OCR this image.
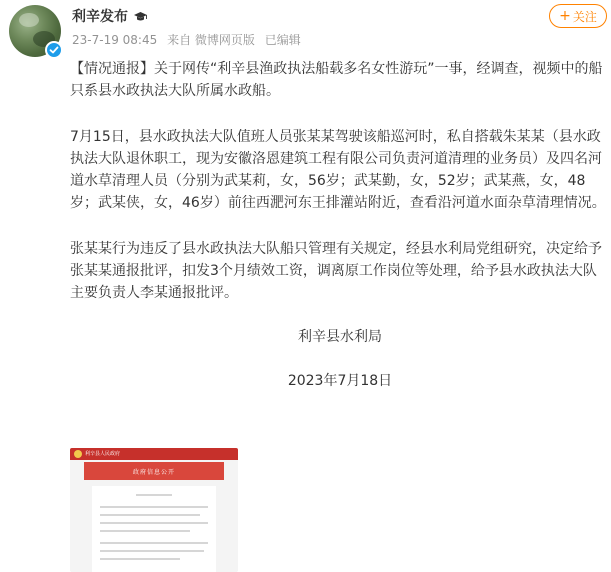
利辛发布
23-7-19 08:45 来自 微博网页版 已编辑
+ 关注

【情况通报】关于网传“利辛县渔政执法船载多名女性游玩”一事，经调查，视频中的船只系县水政执法大队所属水政船。

7月15日，县水政执法大队值班人员张某某驾驶该船巡河时，私自搭载朱某某（县水政执法大队退休职工，现为安徽洛恩建筑工程有限公司负责河道清理的业务员）及四名河道水草清理人员（分别为武某莉，女，56岁；武某勤，女，52岁；武某燕，女，48岁；武某侠，女，46岁）前往西淝河东王排灌站附近，查看沿河道水面杂草清理情况。

张某某行为违反了县水政执法大队船只管理有关规定，经县水利局党组研究，决定给予张某某通报批评，扣发3个月绩效工资，调离原工作岗位等处理，给予县水政执法大队主要负责人李某通报批评。

利辛县水利局

2023年7月18日

利辛县人民政府
政府信息公开
